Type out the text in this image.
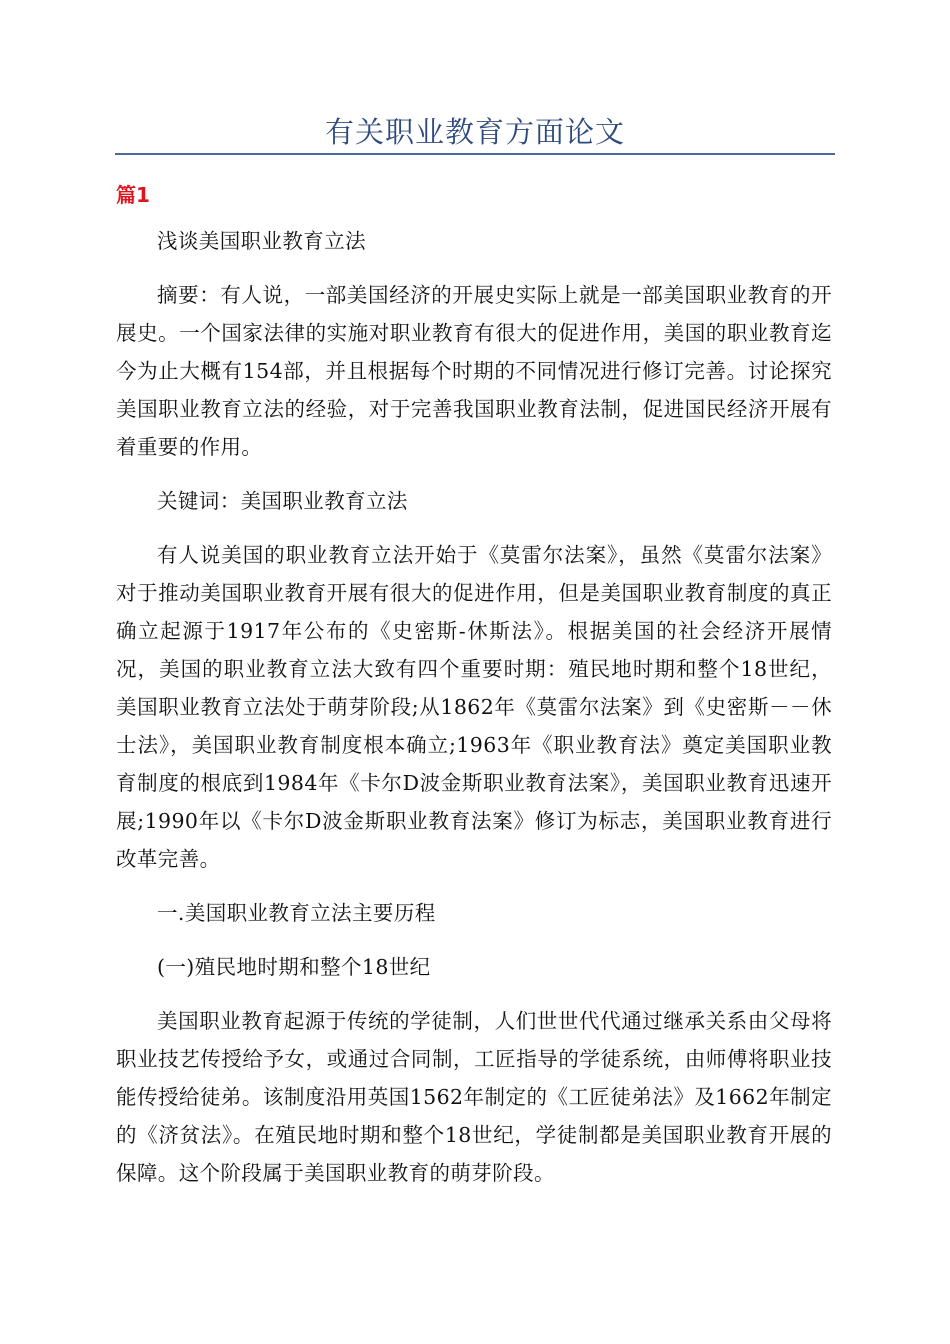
有关职业教育方面论文
篇1

浅谈美国职业教育立法

摘要：有人说，一部美国经济的开展史实际上就是一部美国职业教育的开展史。一个国家法律的实施对职业教育有很大的促进作用，美国的职业教育迄今为止大概有154部，并且根据每个时期的不同情况进行修订完善。讨论探究美国职业教育立法的经验，对于完善我国职业教育法制，促进国民经济开展有着重要的作用。

关键词：美国职业教育立法

有人说美国的职业教育立法开始于《莫雷尔法案》，虽然《莫雷尔法案》对于推动美国职业教育开展有很大的促进作用，但是美国职业教育制度的真正确立起源于1917年公布的《史密斯-休斯法》。根据美国的社会经济开展情况，美国的职业教育立法大致有四个重要时期：殖民地时期和整个18世纪，美国职业教育立法处于萌芽阶段;从1862年《莫雷尔法案》到《史密斯－－休士法》，美国职业教育制度根本确立;1963年《职业教育法》奠定美国职业教育制度的根底到1984年《卡尔D波金斯职业教育法案》，美国职业教育迅速开展;1990年以《卡尔D波金斯职业教育法案》修订为标志，美国职业教育进行改革完善。

一.美国职业教育立法主要历程

(一)殖民地时期和整个18世纪

美国职业教育起源于传统的学徒制，人们世世代代通过继承关系由父母将职业技艺传授给予女，或通过合同制，工匠指导的学徒系统，由师傅将职业技能传授给徒弟。该制度沿用英国1562年制定的《工匠徒弟法》及1662年制定的《济贫法》。在殖民地时期和整个18世纪，学徒制都是美国职业教育开展的保障。这个阶段属于美国职业教育的萌芽阶段。
